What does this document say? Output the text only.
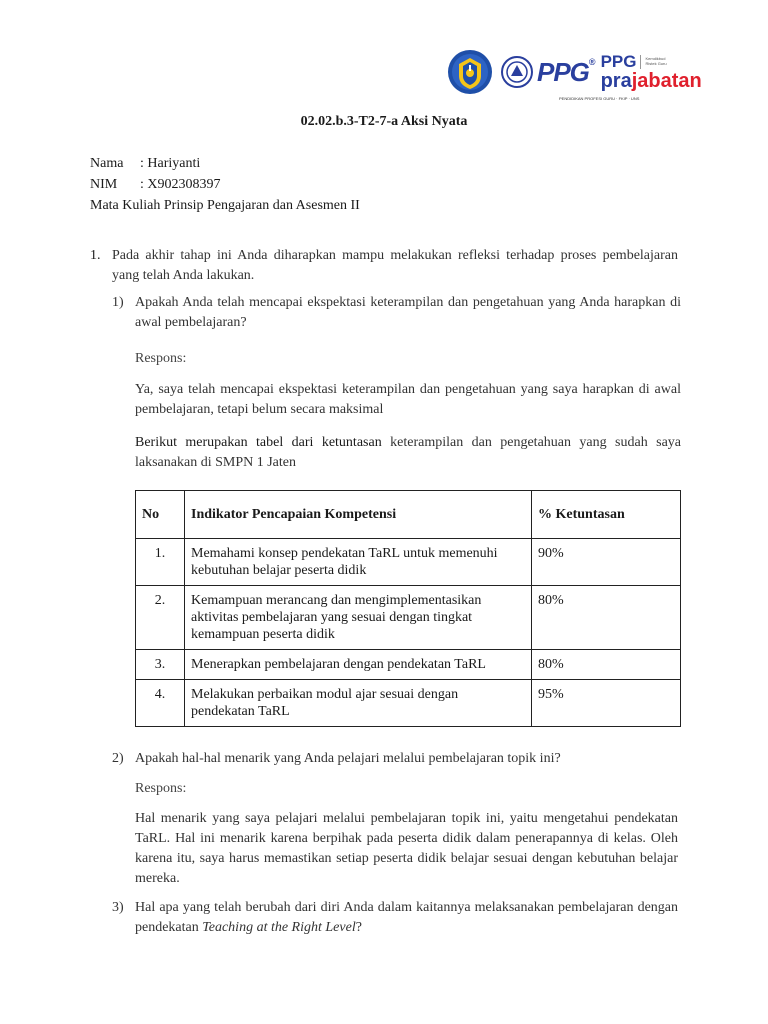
PPG®
PENDIDIKAN PROFESI GURU · FKIP · UNS
PPG Kemdikbud Ristek Guru
prajabatan
02.02.b.3-T2-7-a Aksi Nyata
Nama	: Hariyanti
NIM	: X902308397
Mata Kuliah Prinsip Pengajaran dan Asesmen II
1. Pada akhir tahap ini Anda diharapkan mampu melakukan refleksi terhadap proses pembelajaran yang telah Anda lakukan.
1) Apakah Anda telah mencapai ekspektasi keterampilan dan pengetahuan yang Anda harapkan di awal pembelajaran?
Respons:
Ya, saya telah mencapai ekspektasi keterampilan dan pengetahuan yang saya harapkan di awal pembelajaran, tetapi belum secara maksimal
Berikut merupakan tabel dari ketuntasan keterampilan dan pengetahuan yang sudah saya laksanakan di SMPN 1 Jaten
No	Indikator Pencapaian Kompetensi	% Ketuntasan
1.	Memahami konsep pendekatan TaRL untuk memenuhi kebutuhan belajar peserta didik	90%
2.	Kemampuan merancang dan mengimplementasikan aktivitas pembelajaran yang sesuai dengan tingkat kemampuan peserta didik	80%
3.	Menerapkan pembelajaran dengan pendekatan TaRL	80%
4.	Melakukan perbaikan modul ajar sesuai dengan pendekatan TaRL	95%
2) Apakah hal-hal menarik yang Anda pelajari melalui pembelajaran topik ini?
Respons:
Hal menarik yang saya pelajari melalui pembelajaran topik ini, yaitu mengetahui pendekatan TaRL. Hal ini menarik karena berpihak pada peserta didik dalam penerapannya di kelas. Oleh karena itu, saya harus memastikan setiap peserta didik belajar sesuai dengan kebutuhan belajar mereka.
3) Hal apa yang telah berubah dari diri Anda dalam kaitannya melaksanakan pembelajaran dengan pendekatan Teaching at the Right Level?
